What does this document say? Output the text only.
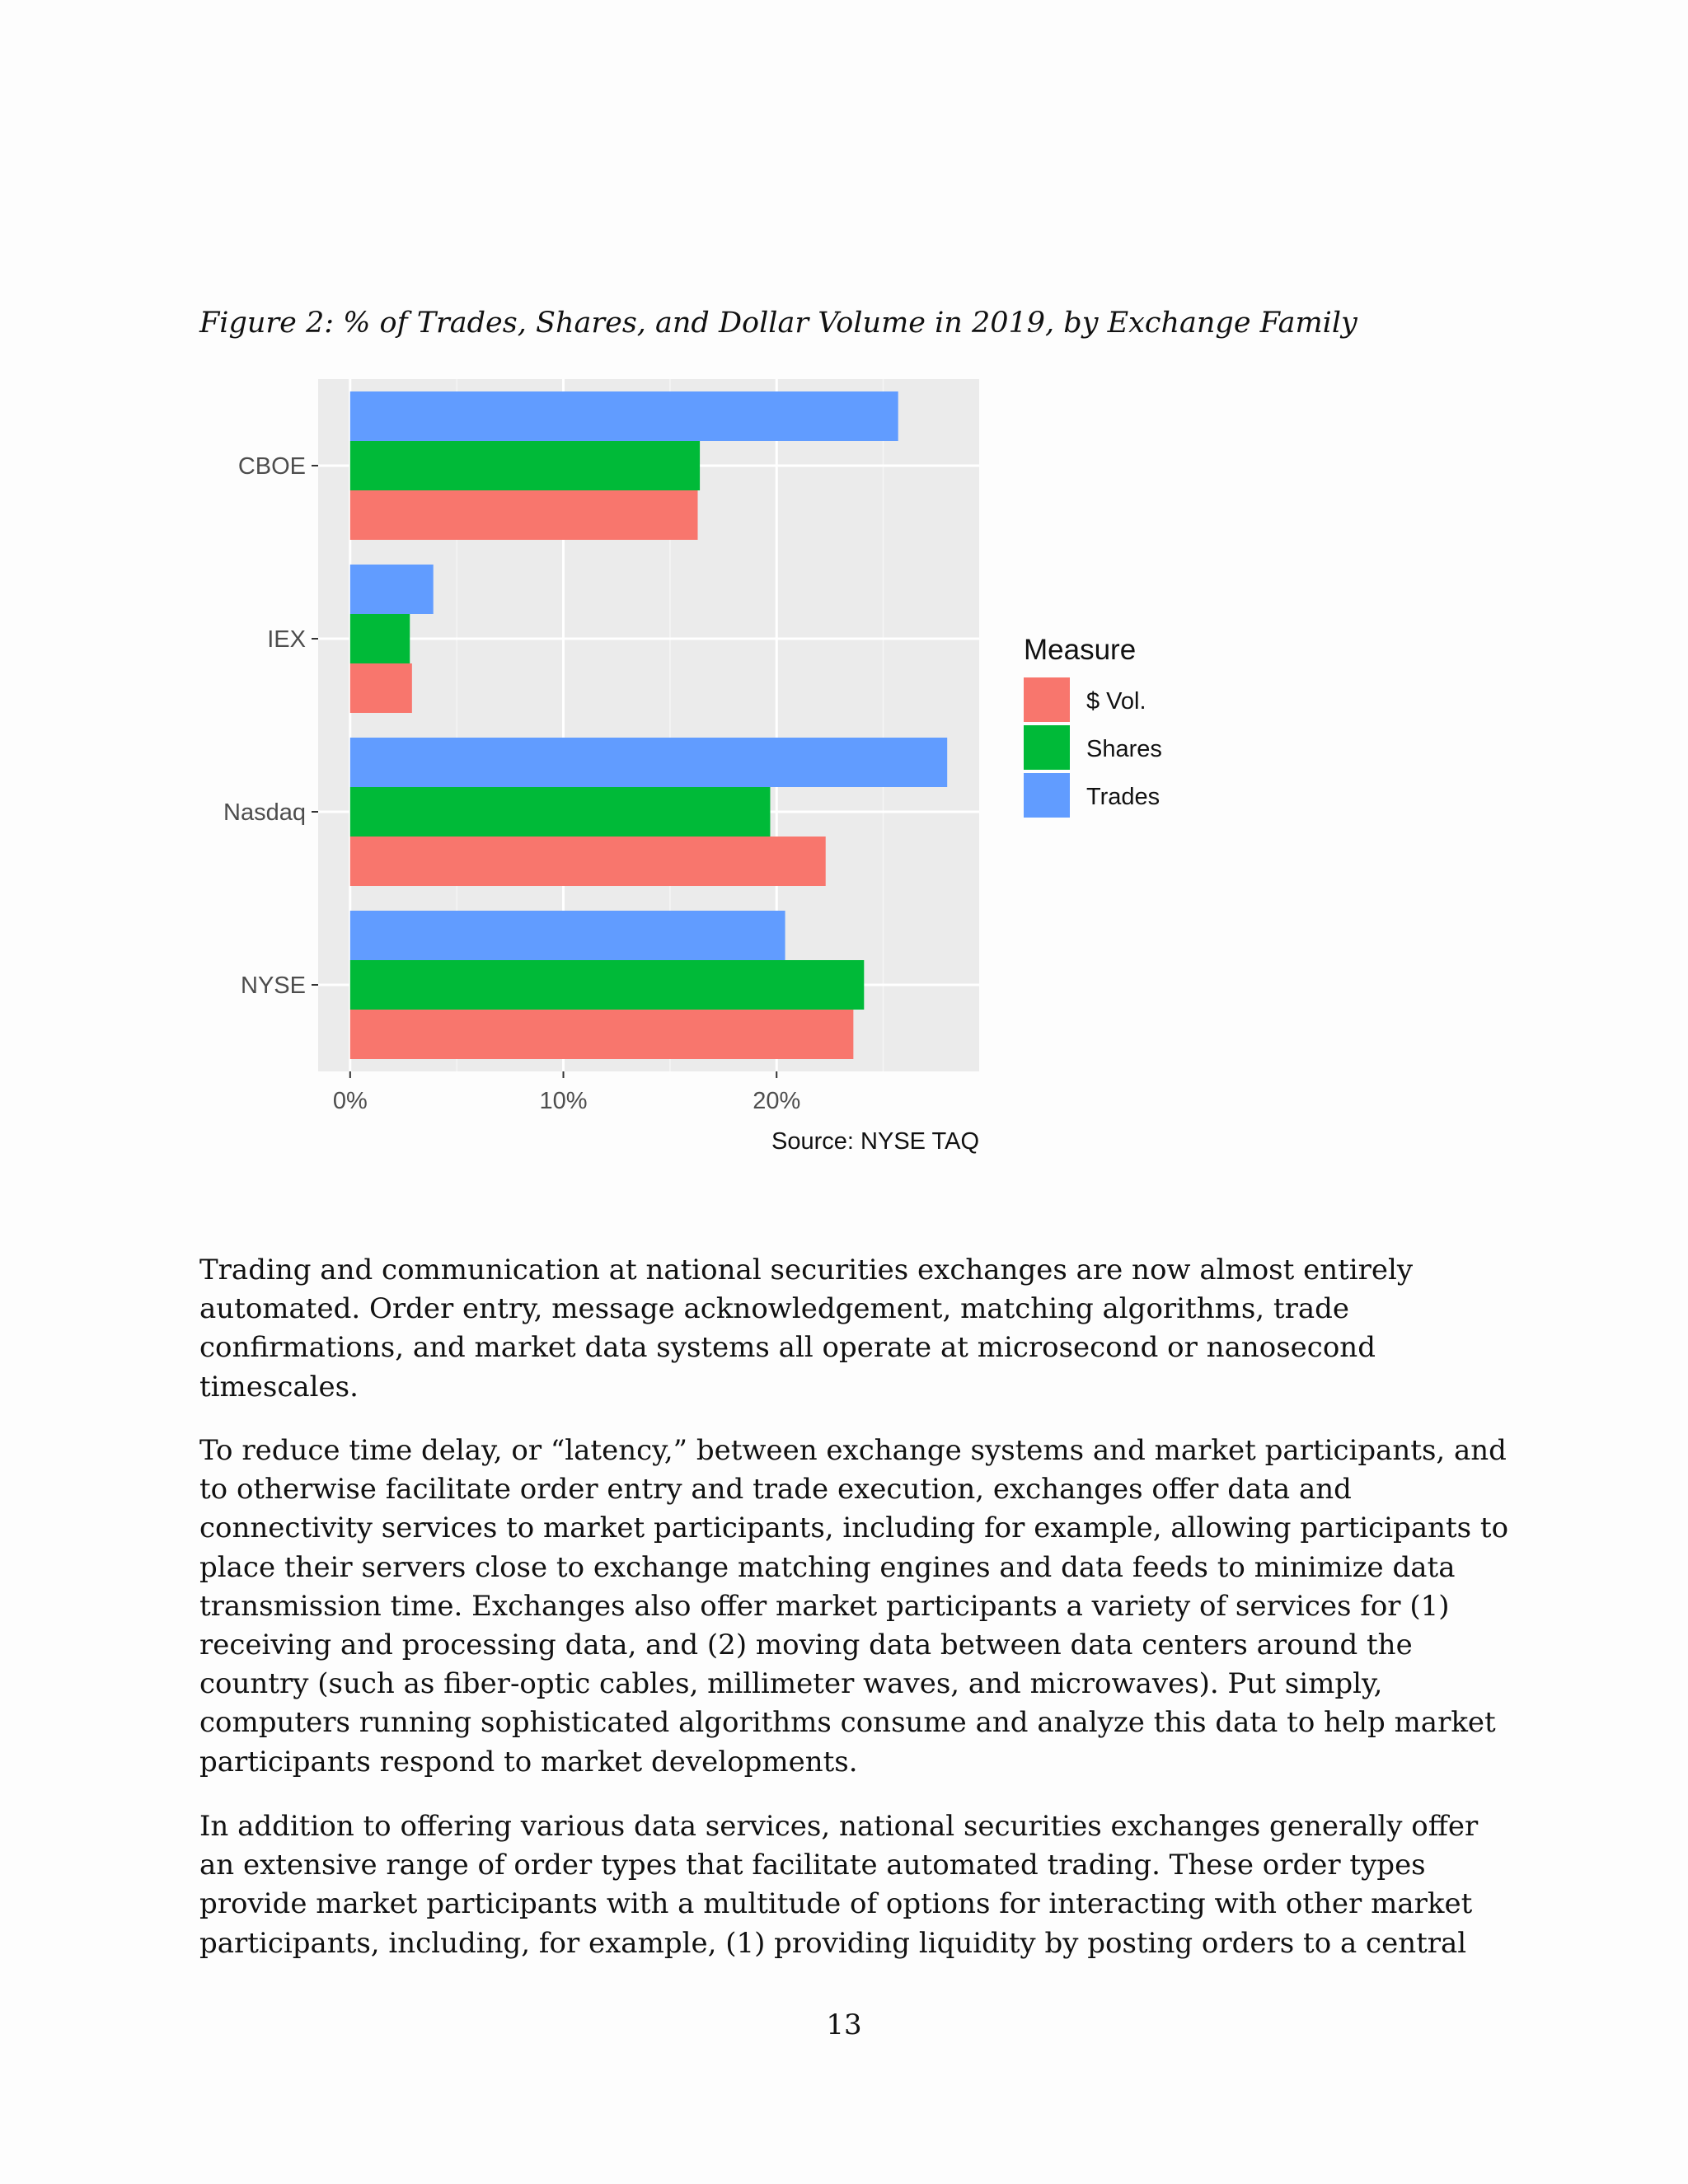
Figure 2: % of Trades, Shares, and Dollar Volume in 2019, by Exchange Family
CBOE
IEX
Nasdaq
NYSE
0%	10%	20%
Source: NYSE TAQ
Measure
$ Vol.
Shares
Trades

Trading and communication at national securities exchanges are now almost entirely automated. Order entry, message acknowledgement, matching algorithms, trade confirmations, and market data systems all operate at microsecond or nanosecond timescales.

To reduce time delay, or “latency,” between exchange systems and market participants, and to otherwise facilitate order entry and trade execution, exchanges offer data and connectivity services to market participants, including for example, allowing participants to place their servers close to exchange matching engines and data feeds to minimize data transmission time. Exchanges also offer market participants a variety of services for (1) receiving and processing data, and (2) moving data between data centers around the country (such as fiber-optic cables, millimeter waves, and microwaves). Put simply, computers running sophisticated algorithms consume and analyze this data to help market participants respond to market developments.

In addition to offering various data services, national securities exchanges generally offer an extensive range of order types that facilitate automated trading. These order types provide market participants with a multitude of options for interacting with other market participants, including, for example, (1) providing liquidity by posting orders to a central

13
